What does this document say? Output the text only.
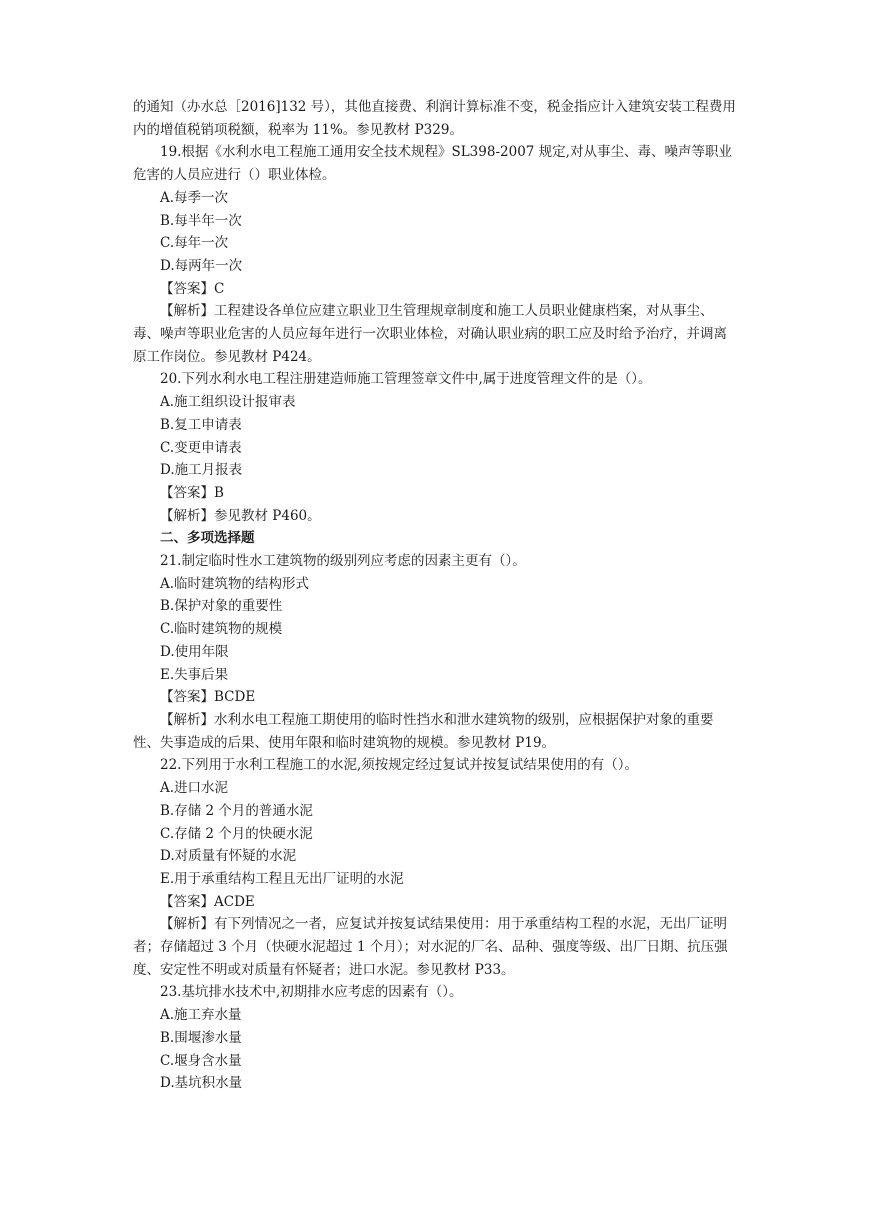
的通知（办水总［2016]132 号），其他直接费、利润计算标准不变，税金指应计入建筑安装工程费用内的增值税销项税额，税率为 11%。参见教材 P329。

19.根据《水利水电工程施工通用安全技术规程》SL398-2007 规定,对从事尘、毒、噪声等职业危害的人员应进行（）职业体检。

A.每季一次

B.每半年一次

C.每年一次

D.每两年一次

【答案】C

【解析】工程建设各单位应建立职业卫生管理规章制度和施工人员职业健康档案，对从事尘、毒、噪声等职业危害的人员应每年进行一次职业体检，对确认职业病的职工应及时给予治疗，并调离原工作岗位。参见教材 P424。

20.下列水利水电工程注册建造师施工管理签章文件中,属于进度管理文件的是（）。

A.施工组织设计报审表

B.复工申请表

C.变更申请表

D.施工月报表

【答案】B

【解析】参见教材 P460。

二、多项选择题

21.制定临时性水工建筑物的级别列应考虑的因素主更有（）。

A.临时建筑物的结构形式

B.保护对象的重要性

C.临时建筑物的规模

D.使用年限

E.失事后果

【答案】BCDE

【解析】水利水电工程施工期使用的临时性挡水和泄水建筑物的级别，应根据保护对象的重要性、失事造成的后果、使用年限和临时建筑物的规模。参见教材 P19。

22.下列用于水利工程施工的水泥,须按规定经过复试并按复试结果使用的有（）。

A.进口水泥

B.存储 2 个月的普通水泥

C.存储 2 个月的快硬水泥

D.对质量有怀疑的水泥

E.用于承重结构工程且无出厂证明的水泥

【答案】ACDE

【解析】有下列情况之一者，应复试并按复试结果使用：用于承重结构工程的水泥，无出厂证明者；存储超过 3 个月（快硬水泥超过 1 个月）；对水泥的厂名、品种、强度等级、出厂日期、抗压强度、安定性不明或对质量有怀疑者；进口水泥。参见教材 P33。

23.基坑排水技术中,初期排水应考虑的因素有（）。

A.施工弃水量

B.围堰渗水量

C.堰身含水量

D.基坑积水量
